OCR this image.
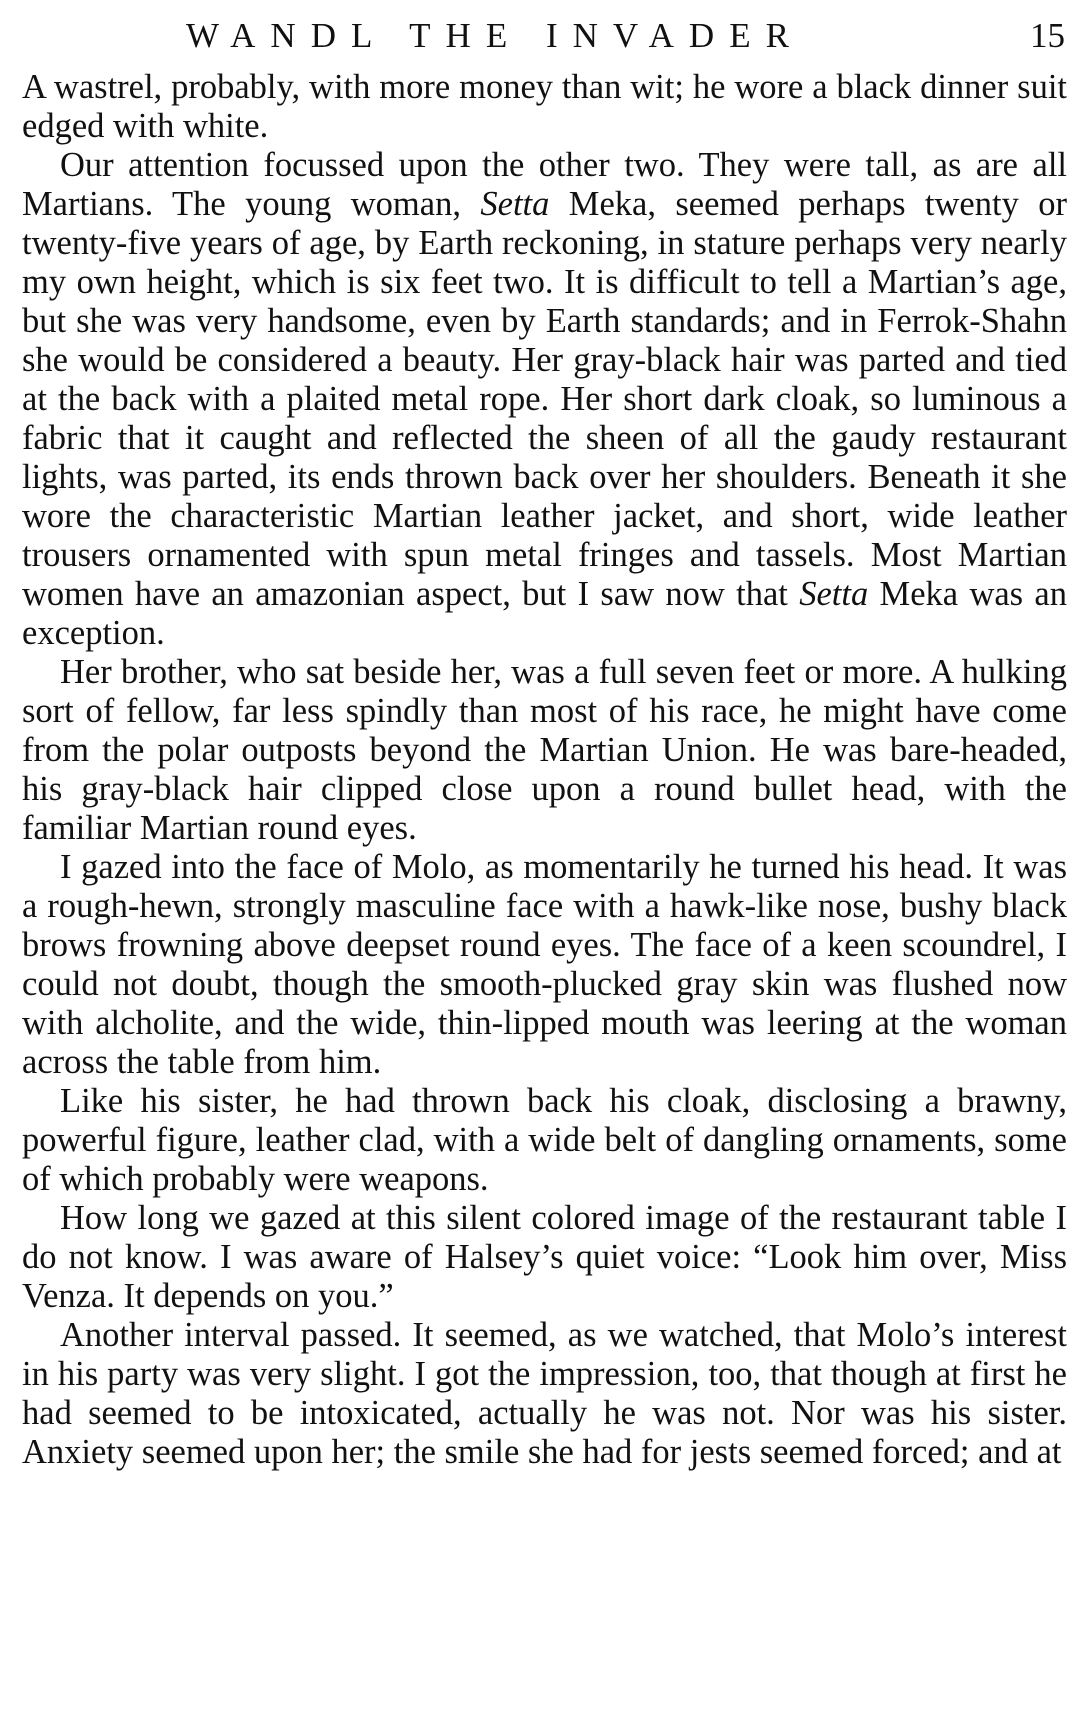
WANDL THE INVADER	15

A wastrel, probably, with more money than wit; he wore a black dinner suit edged with white.

Our attention focussed upon the other two. They were tall, as are all Martians. The young woman, Setta Meka, seemed perhaps twenty or twenty-five years of age, by Earth reckoning, in stature perhaps very nearly my own height, which is six feet two. It is difficult to tell a Martian’s age, but she was very handsome, even by Earth standards; and in Ferrok-Shahn she would be considered a beauty. Her gray-black hair was parted and tied at the back with a plaited metal rope. Her short dark cloak, so luminous a fabric that it caught and reflected the sheen of all the gaudy restaurant lights, was parted, its ends thrown back over her shoulders. Beneath it she wore the characteristic Martian leather jacket, and short, wide leather trousers ornamented with spun metal fringes and tassels. Most Martian women have an amazonian aspect, but I saw now that Setta Meka was an exception.

Her brother, who sat beside her, was a full seven feet or more. A hulking sort of fellow, far less spindly than most of his race, he might have come from the polar outposts beyond the Martian Union. He was bare-headed, his gray-black hair clipped close upon a round bullet head, with the familiar Martian round eyes.

I gazed into the face of Molo, as momentarily he turned his head. It was a rough-hewn, strongly masculine face with a hawk-like nose, bushy black brows frowning above deepset round eyes. The face of a keen scoundrel, I could not doubt, though the smooth-plucked gray skin was flushed now with alcholite, and the wide, thin-lipped mouth was leering at the woman across the table from him.

Like his sister, he had thrown back his cloak, disclosing a brawny, powerful figure, leather clad, with a wide belt of dangling ornaments, some of which probably were weapons.

How long we gazed at this silent colored image of the restaurant table I do not know. I was aware of Halsey’s quiet voice: “Look him over, Miss Venza. It depends on you.”

Another interval passed. It seemed, as we watched, that Molo’s interest in his party was very slight. I got the impression, too, that though at first he had seemed to be intoxicated, actually he was not. Nor was his sister. Anxiety seemed upon her; the smile she had for jests seemed forced; and at
